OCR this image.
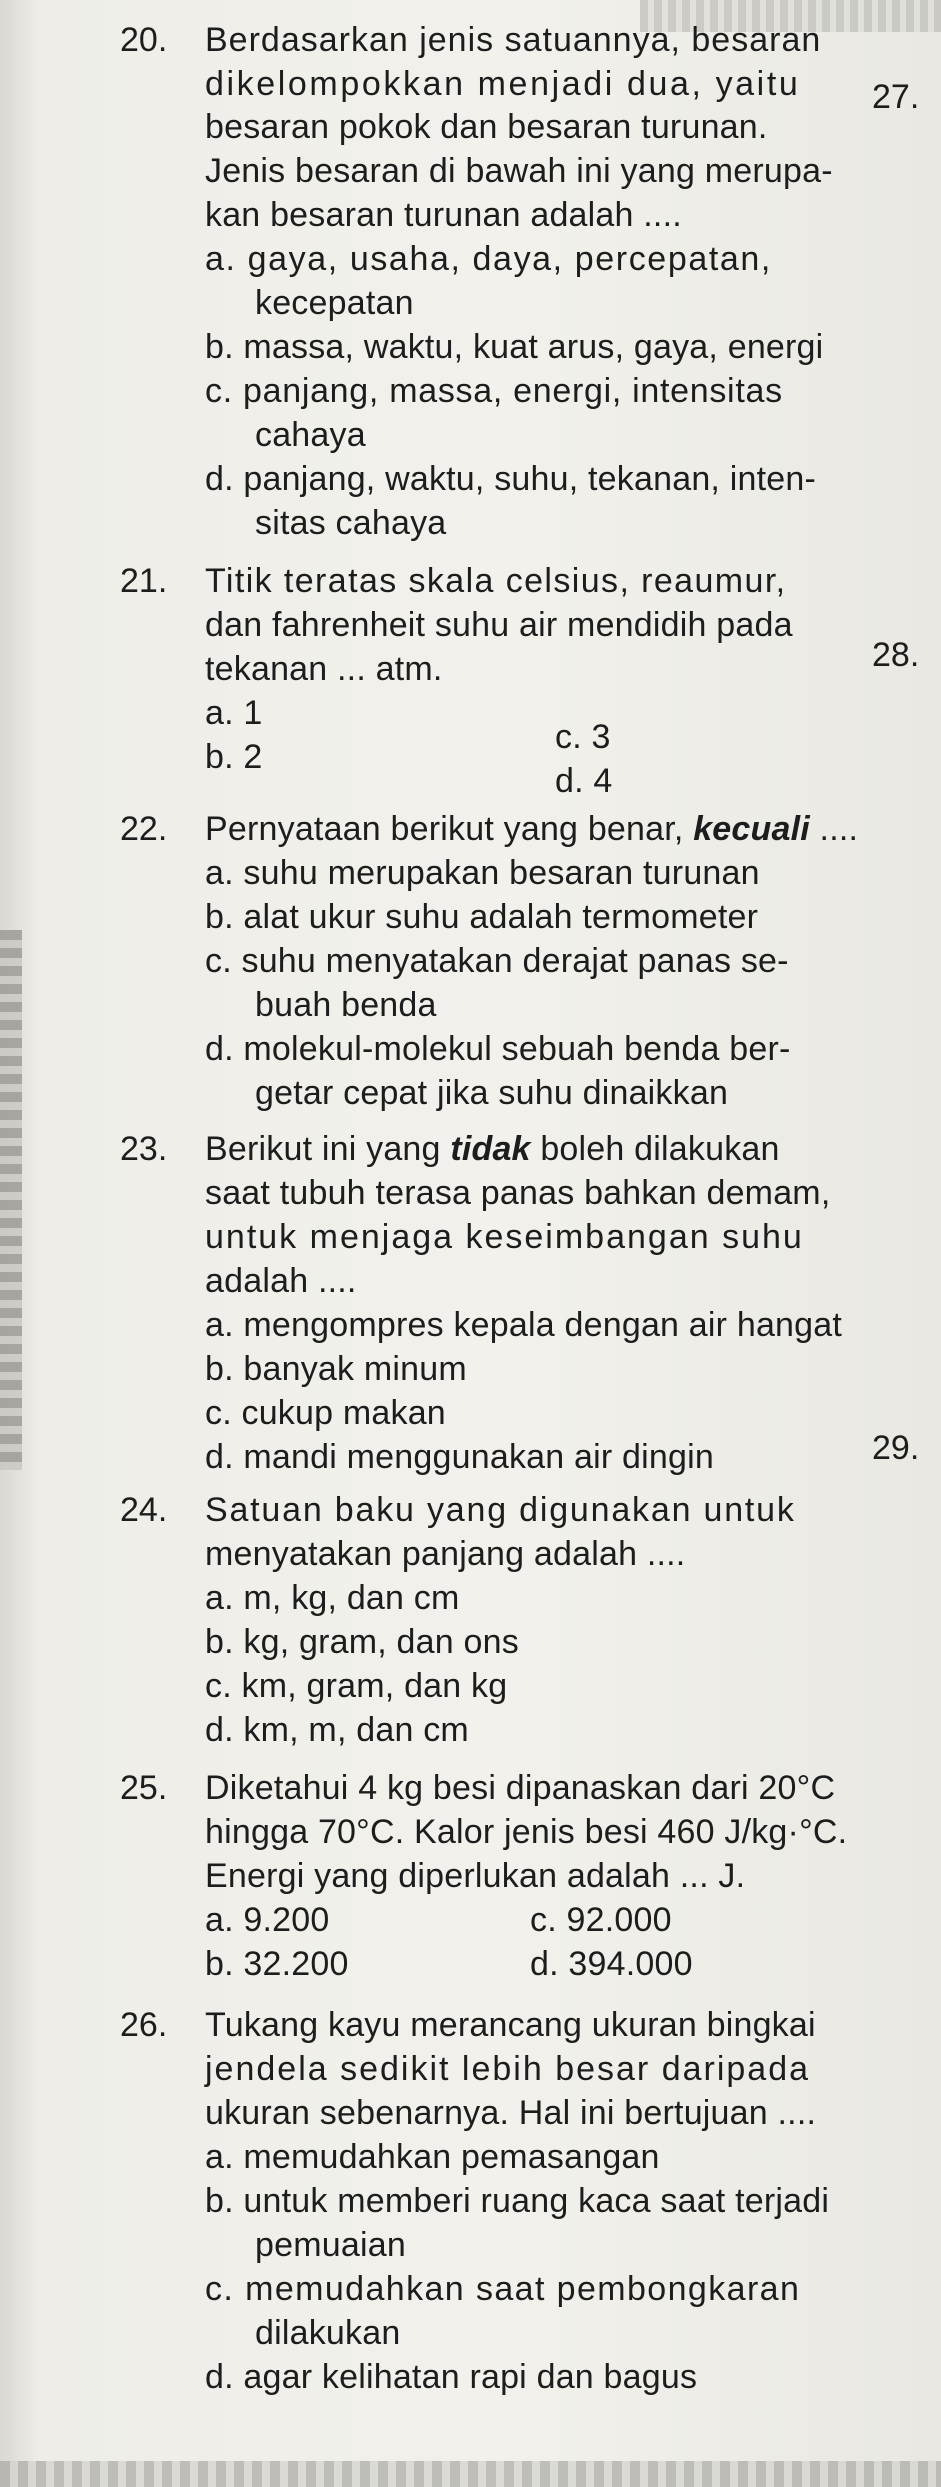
27.
28.
29.
20. Berdasarkan jenis satuannya, besaran
dikelompokkan menjadi dua, yaitu
besaran pokok dan besaran turunan.
Jenis besaran di bawah ini yang merupa-
kan besaran turunan adalah ....
a. gaya, usaha, daya, percepatan,
kecepatan
b. massa, waktu, kuat arus, gaya, energi
c. panjang, massa, energi, intensitas
cahaya
d. panjang, waktu, suhu, tekanan, inten-
sitas cahaya
21. Titik teratas skala celsius, reaumur,
dan fahrenheit suhu air mendidih pada
tekanan ... atm.
a. 1
b. 2
c. 3
d. 4
22. Pernyataan berikut yang benar, kecuali ....
a. suhu merupakan besaran turunan
b. alat ukur suhu adalah termometer
c. suhu menyatakan derajat panas se-
buah benda
d. molekul-molekul sebuah benda ber-
getar cepat jika suhu dinaikkan
23. Berikut ini yang tidak boleh dilakukan
saat tubuh terasa panas bahkan demam,
untuk menjaga keseimbangan suhu
adalah ....
a. mengompres kepala dengan air hangat
b. banyak minum
c. cukup makan
d. mandi menggunakan air dingin
24. Satuan baku yang digunakan untuk
menyatakan panjang adalah ....
a. m, kg, dan cm
b. kg, gram, dan ons
c. km, gram, dan kg
d. km, m, dan cm
25. Diketahui 4 kg besi dipanaskan dari 20°C
hingga 70°C. Kalor jenis besi 460 J/kg·°C.
Energi yang diperlukan adalah ... J.
a. 9.200	c. 92.000
b. 32.200	d. 394.000
26. Tukang kayu merancang ukuran bingkai
jendela sedikit lebih besar daripada
ukuran sebenarnya. Hal ini bertujuan ....
a. memudahkan pemasangan
b. untuk memberi ruang kaca saat terjadi
pemuaian
c. memudahkan saat pembongkaran
dilakukan
d. agar kelihatan rapi dan bagus
